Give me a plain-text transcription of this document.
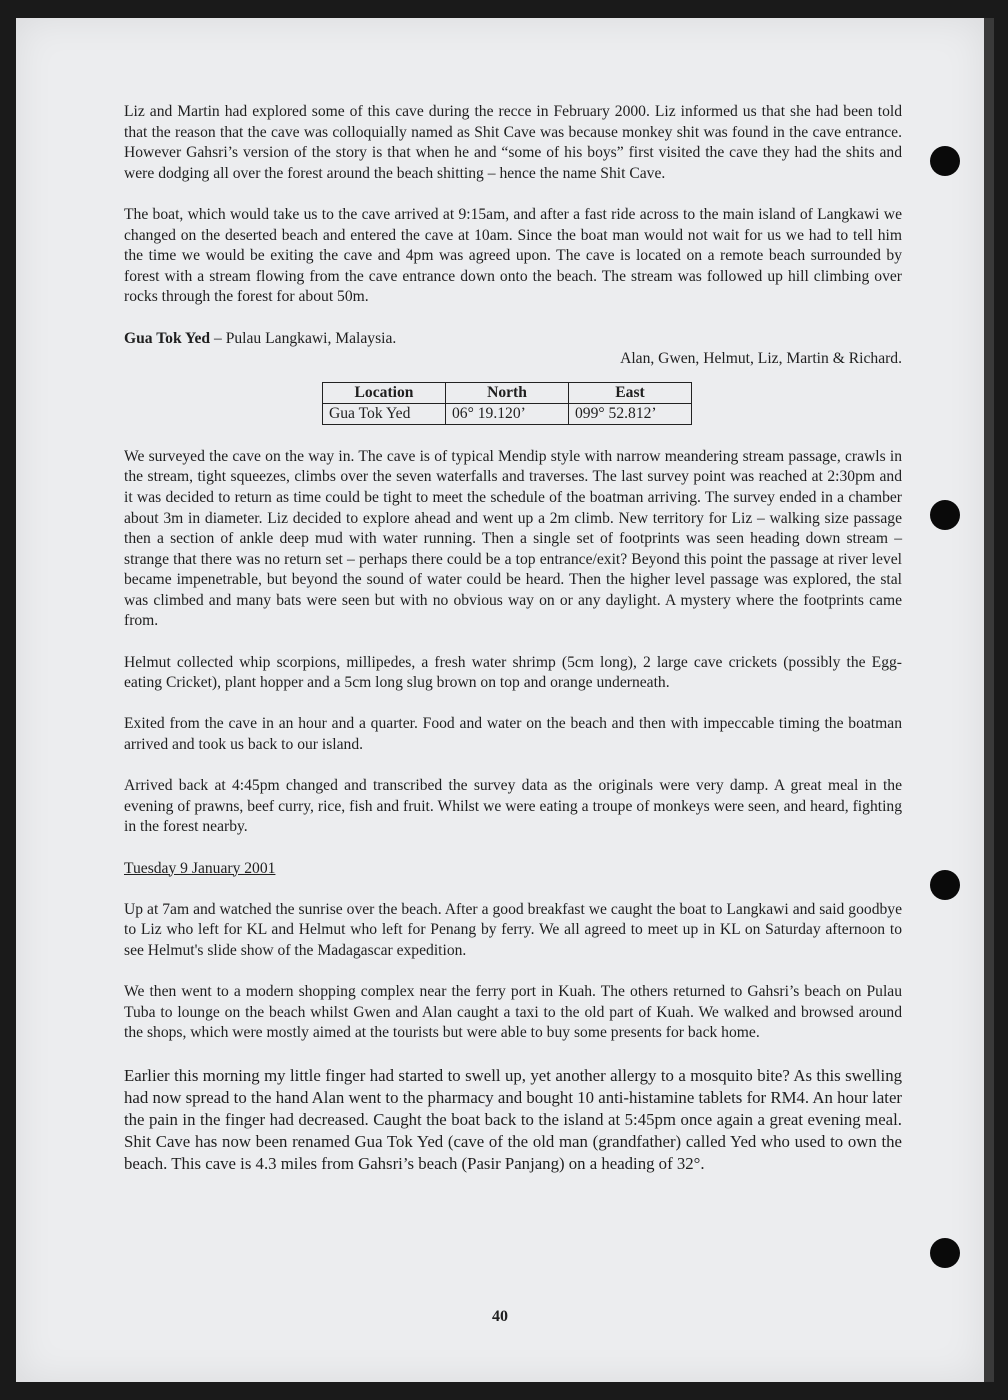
Liz and Martin had explored some of this cave during the recce in February 2000. Liz informed us that she had been told that the reason that the cave was colloquially named as Shit Cave was because monkey shit was found in the cave entrance. However Gahsri’s version of the story is that when he and “some of his boys” first visited the cave they had the shits and were dodging all over the forest around the beach shitting – hence the name Shit Cave.

The boat, which would take us to the cave arrived at 9:15am, and after a fast ride across to the main island of Langkawi we changed on the deserted beach and entered the cave at 10am. Since the boat man would not wait for us we had to tell him the time we would be exiting the cave and 4pm was agreed upon. The cave is located on a remote beach surrounded by forest with a stream flowing from the cave entrance down onto the beach. The stream was followed up hill climbing over rocks through the forest for about 50m.

Gua Tok Yed – Pulau Langkawi, Malaysia.

Alan, Gwen, Helmut, Liz, Martin & Richard.

Location	North	East
Gua Tok Yed	06° 19.120’	099° 52.812’

We surveyed the cave on the way in. The cave is of typical Mendip style with narrow meandering stream passage, crawls in the stream, tight squeezes, climbs over the seven waterfalls and traverses. The last survey point was reached at 2:30pm and it was decided to return as time could be tight to meet the schedule of the boatman arriving. The survey ended in a chamber about 3m in diameter. Liz decided to explore ahead and went up a 2m climb. New territory for Liz – walking size passage then a section of ankle deep mud with water running. Then a single set of footprints was seen heading down stream – strange that there was no return set – perhaps there could be a top entrance/exit? Beyond this point the passage at river level became impenetrable, but beyond the sound of water could be heard. Then the higher level passage was explored, the stal was climbed and many bats were seen but with no obvious way on or any daylight. A mystery where the footprints came from.

Helmut collected whip scorpions, millipedes, a fresh water shrimp (5cm long), 2 large cave crickets (possibly the Egg-eating Cricket), plant hopper and a 5cm long slug brown on top and orange underneath.

Exited from the cave in an hour and a quarter. Food and water on the beach and then with impeccable timing the boatman arrived and took us back to our island.

Arrived back at 4:45pm changed and transcribed the survey data as the originals were very damp. A great meal in the evening of prawns, beef curry, rice, fish and fruit. Whilst we were eating a troupe of monkeys were seen, and heard, fighting in the forest nearby.

Tuesday 9 January 2001

Up at 7am and watched the sunrise over the beach. After a good breakfast we caught the boat to Langkawi and said goodbye to Liz who left for KL and Helmut who left for Penang by ferry. We all agreed to meet up in KL on Saturday afternoon to see Helmut's slide show of the Madagascar expedition.

We then went to a modern shopping complex near the ferry port in Kuah. The others returned to Gahsri’s beach on Pulau Tuba to lounge on the beach whilst Gwen and Alan caught a taxi to the old part of Kuah. We walked and browsed around the shops, which were mostly aimed at the tourists but were able to buy some presents for back home.

Earlier this morning my little finger had started to swell up, yet another allergy to a mosquito bite? As this swelling had now spread to the hand Alan went to the pharmacy and bought 10 anti-histamine tablets for RM4. An hour later the pain in the finger had decreased. Caught the boat back to the island at 5:45pm once again a great evening meal. Shit Cave has now been renamed Gua Tok Yed (cave of the old man (grandfather) called Yed who used to own the beach. This cave is 4.3 miles from Gahsri’s beach (Pasir Panjang) on a heading of 32°.

40
